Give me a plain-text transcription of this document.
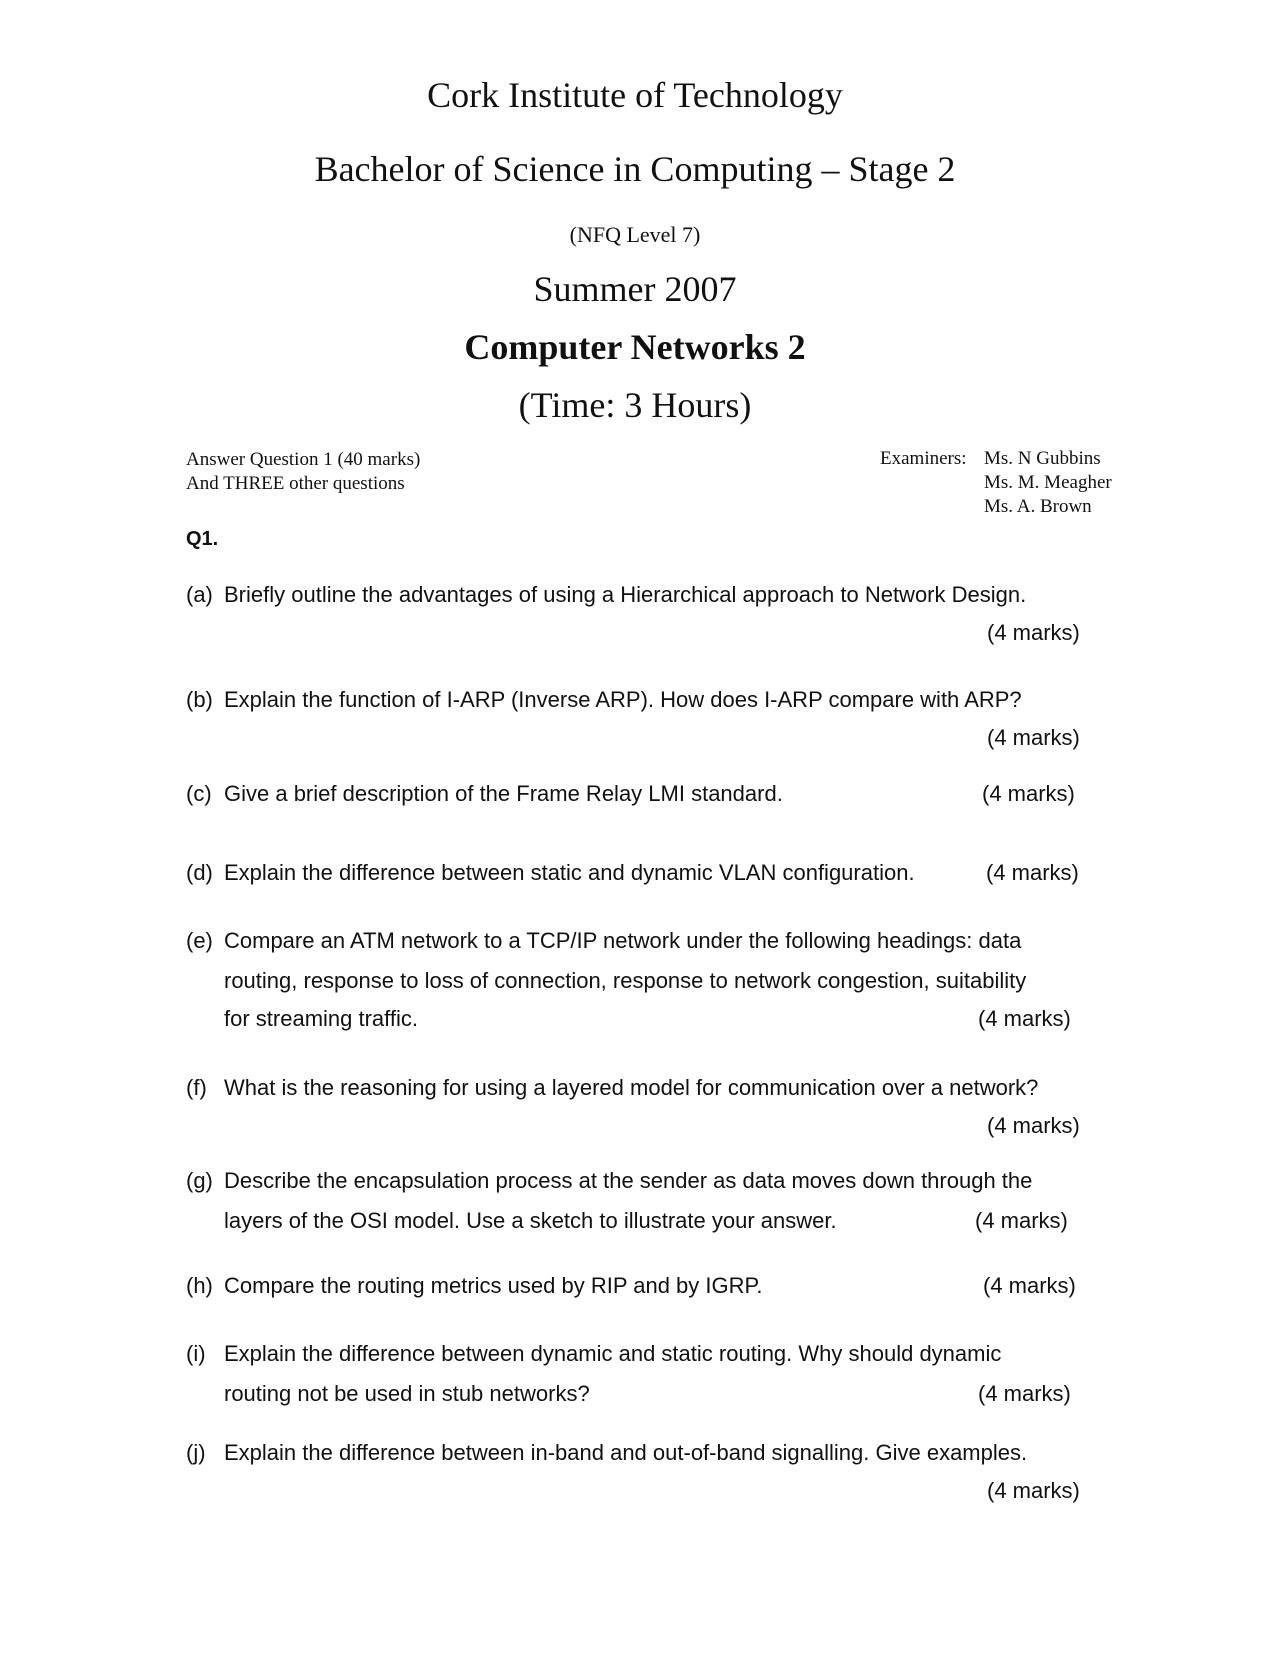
Cork Institute of Technology
Bachelor of Science in Computing – Stage 2
(NFQ Level 7)
Summer 2007
Computer Networks 2
(Time: 3 Hours)
Answer Question 1 (40 marks)
And THREE other questions
Examiners: Ms. N Gubbins
Ms. M. Meagher
Ms. A. Brown
Q1.
(a) Briefly outline the advantages of using a Hierarchical approach to Network Design.
(4 marks)
(b) Explain the function of I-ARP (Inverse ARP). How does I-ARP compare with ARP?
(4 marks)
(c) Give a brief description of the Frame Relay LMI standard.	(4 marks)
(d) Explain the difference between static and dynamic VLAN configuration.	(4 marks)
(e) Compare an ATM network to a TCP/IP network under the following headings: data
routing, response to loss of connection, response to network congestion, suitability
for streaming traffic.	(4 marks)
(f) What is the reasoning for using a layered model for communication over a network?
(4 marks)
(g) Describe the encapsulation process at the sender as data moves down through the
layers of the OSI model. Use a sketch to illustrate your answer.	(4 marks)
(h) Compare the routing metrics used by RIP and by IGRP.	(4 marks)
(i) Explain the difference between dynamic and static routing. Why should dynamic
routing not be used in stub networks?	(4 marks)
(j) Explain the difference between in-band and out-of-band signalling. Give examples.
(4 marks)
